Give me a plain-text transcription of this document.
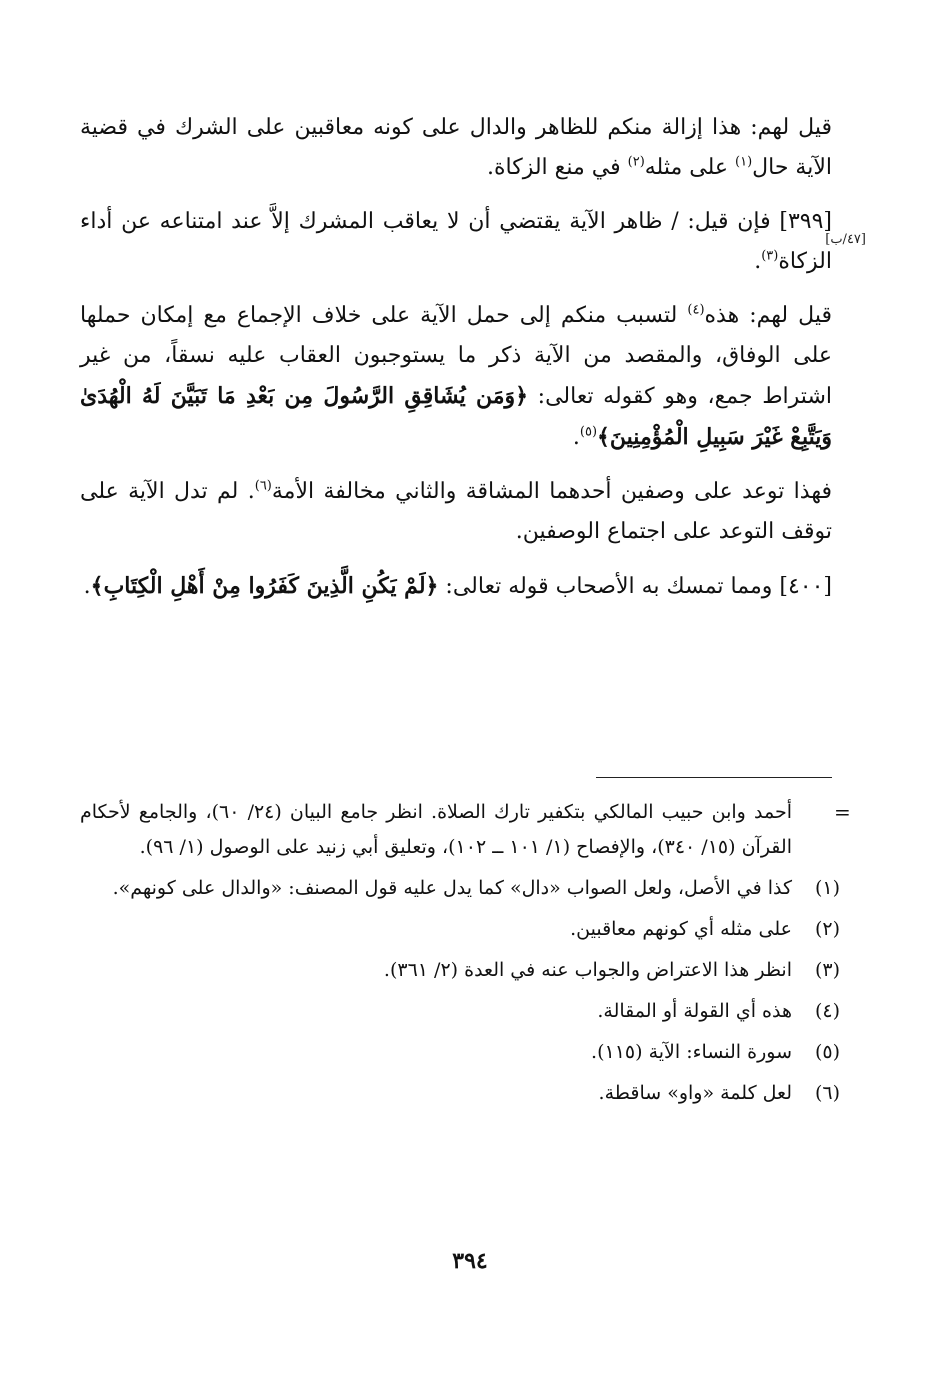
[٤٧/ب]

قيل لهم: هذا إزالة منكم للظاهر والدال على كونه معاقبين على الشرك في قضية الآية حال$^{(١)}$ على مثله$^{(٢)}$ في منع الزكاة.

[٣٩٩] فإن قيل: / ظاهر الآية يقتضي أن لا يعاقب المشرك إلاَّ عند امتناعه عن أداء الزكاة$^{(٣)}$.

قيل لهم: هذه$^{(٤)}$ لتسبب منكم إلى حمل الآية على خلاف الإجماع مع إمكان حملها على الوفاق، والمقصد من الآية ذكر ما يستوجبون العقاب عليه نسقاً، من غير اشتراط جمع، وهو كقوله تعالى: ﴿وَمَن يُشَاقِقِ الرَّسُولَ مِن بَعْدِ مَا تَبَيَّنَ لَهُ الْهُدَىٰ وَيَتَّبِعْ غَيْرَ سَبِيلِ الْمُؤْمِنِينَ﴾$^{(٥)}$.

فهذا توعد على وصفين أحدهما المشاقة والثاني مخالفة الأمة$^{(٦)}$. لم تدل الآية على توقف التوعد على اجتماع الوصفين.

[٤٠٠] ومما تمسك به الأصحاب قوله تعالى: ﴿لَمْ يَكُنِ الَّذِينَ كَفَرُوا مِنْ أَهْلِ الْكِتَابِ﴾.

=

أحمد وابن حبيب المالكي بتكفير تارك الصلاة. انظر جامع البيان (٢٤/ ٦٠)، والجامع لأحكام القرآن (١٥/ ٣٤٠)، والإفصاح (١/ ١٠١ ــ ١٠٢)، وتعليق أبي زنيد على الوصول (١/ ٩٦).

(١)
كذا في الأصل، ولعل الصواب «دال» كما يدل عليه قول المصنف: «والدال على كونهم».

(٢)
على مثله أي كونهم معاقبين.

(٣)
انظر هذا الاعتراض والجواب عنه في العدة (٢/ ٣٦١).

(٤)
هذه أي القولة أو المقالة.

(٥)
سورة النساء: الآية (١١٥).

(٦)
لعل كلمة «واو» ساقطة.

٣٩٤
